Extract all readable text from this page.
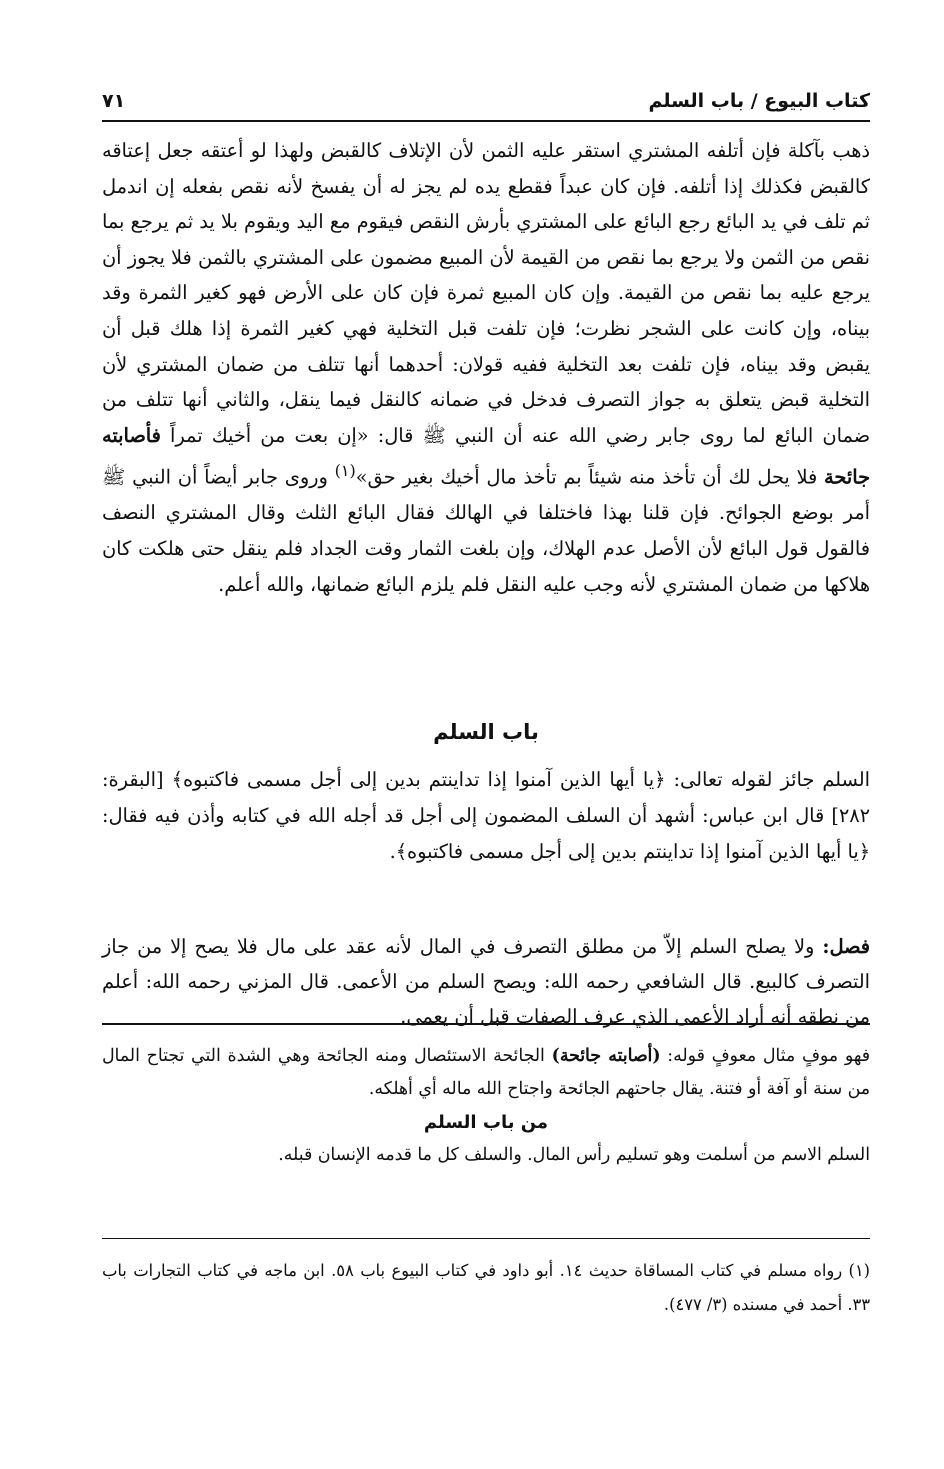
كتاب البيوع / باب السلم
٧١

ذهب بآكلة فإن أتلفه المشتري استقر عليه الثمن لأن الإتلاف كالقبض ولهذا لو أعتقه جعل إعتاقه كالقبض فكذلك إذا أتلفه. فإن كان عبداً فقطع يده لم يجز له أن يفسخ لأنه نقص بفعله إن اندمل ثم تلف في يد البائع رجع البائع على المشتري بأرش النقص فيقوم مع اليد ويقوم بلا يد ثم يرجع بما نقص من الثمن ولا يرجع بما نقص من القيمة لأن المبيع مضمون على المشتري بالثمن فلا يجوز أن يرجع عليه بما نقص من القيمة. وإن كان المبيع ثمرة فإن كان على الأرض فهو كغير الثمرة وقد بيناه، وإن كانت على الشجر نظرت؛ فإن تلفت قبل التخلية فهي كغير الثمرة إذا هلك قبل أن يقبض وقد بيناه، فإن تلفت بعد التخلية ففيه قولان: أحدهما أنها تتلف من ضمان المشتري لأن التخلية قبض يتعلق به جواز التصرف فدخل في ضمانه كالنقل فيما ينقل، والثاني أنها تتلف من ضمان البائع لما روى جابر رضي الله عنه أن النبي ﷺ قال: «إن بعت من أخيك تمراً فأصابته جائحة فلا يحل لك أن تأخذ منه شيئاً بم تأخذ مال أخيك بغير حق»$^{(١)}$ وروى جابر أيضاً أن النبي ﷺ أمر بوضع الجوائح. فإن قلنا بهذا فاختلفا في الهالك فقال البائع الثلث وقال المشتري النصف فالقول قول البائع لأن الأصل عدم الهلاك، وإن بلغت الثمار وقت الجداد فلم ينقل حتى هلكت كان هلاكها من ضمان المشتري لأنه وجب عليه النقل فلم يلزم البائع ضمانها، والله أعلم.

باب السلم

السلم جائز لقوله تعالى: ﴿يا أيها الذين آمنوا إذا تداينتم بدين إلى أجل مسمى فاكتبوه﴾ [البقرة: ٢٨٢] قال ابن عباس: أشهد أن السلف المضمون إلى أجل قد أجله الله في كتابه وأذن فيه فقال: ﴿يا أيها الذين آمنوا إذا تداينتم بدين إلى أجل مسمى فاكتبوه﴾.

فصل: ولا يصلح السلم إلاّ من مطلق التصرف في المال لأنه عقد على مال فلا يصح إلا من جاز التصرف كالبيع. قال الشافعي رحمه الله: ويصح السلم من الأعمى. قال المزني رحمه الله: أعلم من نطقه أنه أراد الأعمى الذي عرف الصفات قبل أن يعمى.

فهو موفٍ مثال معوفٍ قوله: (أصابته جائحة) الجائحة الاستئصال ومنه الجائحة وهي الشدة التي تجتاح المال من سنة أو آفة أو فتنة. يقال جاحتهم الجائحة واجتاح الله ماله أي أهلكه.

من باب السلم

السلم الاسم من أسلمت وهو تسليم رأس المال. والسلف كل ما قدمه الإنسان قبله.

(١) رواه مسلم في كتاب المساقاة حديث ١٤. أبو داود في كتاب البيوع باب ٥٨. ابن ماجه في كتاب التجارات باب ٣٣. أحمد في مسنده (٣/ ٤٧٧).
